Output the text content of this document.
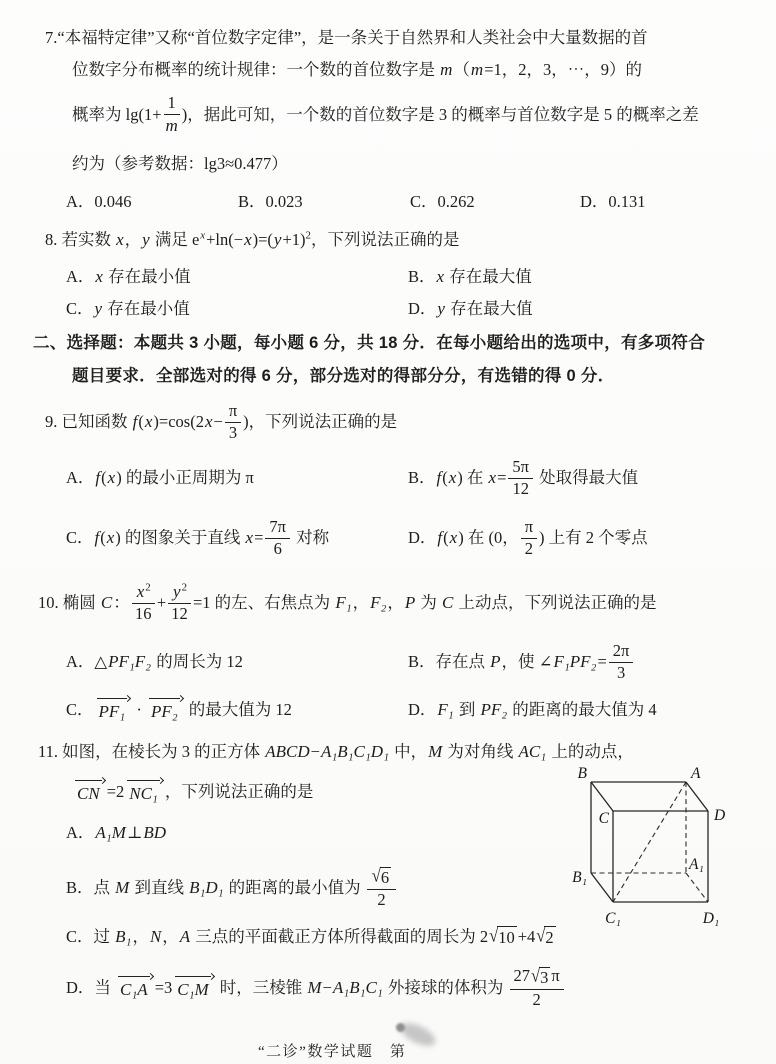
7.“本福特定律”又称“首位数字定律”，是一条关于自然界和人类社会中大量数据的首
位数字分布概率的统计规律：一个数的首位数字是 m （ m =1，2，3，⋯，9）的
概率为 $\lg(1+ \frac{1}{m}$ )，据此可知，一个数的首位数字是 3 的概率与首位数字是 5 的概率之差
约为（参考数据：lg3≈0.477）
A．0.046	B．0.023	C．0.262	D．0.131
8. 若实数 x ， y 满足 e x +ln(− x )=( y +1) 2 ，下列说法正确的是
A． x 存在最小值	B． x 存在最大值
C． y 存在最小值	D． y 存在最大值
二、选择题：本题共 3 小题，每小题 6 分，共 18 分．在每小题给出的选项中，有多项符合
题目要求．全部选对的得 6 分，部分选对的得部分分，有选错的得 0 分．
9. 已知函数 f ( x )=cos(2 $x - \frac{\pi}{3}$ )，下列说法正确的是
A． f ( x ) 的最小正周期为 π	B． f ( x ) 在 $x = \frac{5\pi}{12}$ 处取得最大值
C． f ( x ) 的图象关于直线 $x = \frac{7\pi}{6}$ 对称	D． f ( x ) 在 (0， $\frac{\pi}{2}$ ) 上有 2 个零点
10. 椭圆 C ： $\frac{x^2}{16} + \frac{y^2}{12} =1$ 的左、右焦点为 F₁ ， F₂ ， P 为 C 上动点，下列说法正确的是
A．△ PF₁F₂ 的周长为 12	B．存在点 P ，使 ∠ $F_1PF_2 = \frac{2\pi}{3}$
C． PF₁ · PF₂ 的最大值为 12	D． F₁ 到 PF₂ 的距离的最大值为 4
11. 如图，在棱长为 3 的正方体 ABCD − A₁B₁C₁D₁ 中， M 为对角线 AC₁ 上的动点，
CN =2 NC₁ ，下列说法正确的是
A． A₁M ⊥ BD
B．点 M 到直线 B₁D₁ 的距离的最小值为 $\frac{√ 6}{2}$
C．过 B₁ ， N ， A 三点的平面截正方体所得截面的周长为 2 √ 10 +4 √ 2
D．当 C₁A =3 C₁M 时，三棱锥 M − A₁B₁C₁ 外接球的体积为 $\frac{27 √ 3 \pi}{2}$
B	A
C	D
B₁
A₁
C₁	D₁
“二诊”数学试题　第
